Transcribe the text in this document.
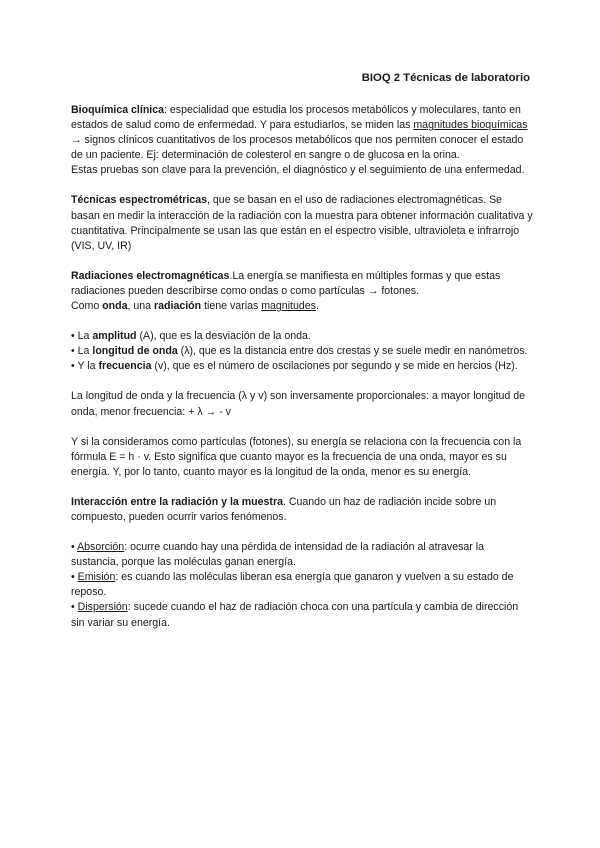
BIOQ 2 Técnicas de laboratorio

Bioquímica clínica: especialidad que estudia los procesos metabólicos y moleculares, tanto en estados de salud como de enfermedad. Y para estudiarlos, se miden las magnitudes bioquímicas → signos clínicos cuantitativos de los procesos metabólicos que nos permiten conocer el estado de un paciente. Ej: determinación de colesterol en sangre o de glucosa en la orina.

Estas pruebas son clave para la prevención, el diagnóstico y el seguimiento de una enfermedad.

Técnicas espectrométricas, que se basan en el uso de radiaciones electromagnéticas. Se basan en medir la interacción de la radiación con la muestra para obtener información cualitativa y cuantitativa. Principalmente se usan las que están en el espectro visible, ultravioleta e infrarrojo (VIS, UV, IR)

Radiaciones electromagnéticas.La energía se manifiesta en múltiples formas y que estas radiaciones pueden describirse como ondas o como partículas → fotones.
Como onda, una radiación tiene varias magnitudes.

• La amplitud (A), que es la desviación de la onda.
• La longitud de onda (λ), que es la distancia entre dos crestas y se suele medir en nanómetros.
• Y la frecuencia (v), que es el número de oscilaciones por segundo y se mide en hercios (Hz).

La longitud de onda y la frecuencia (λ y v) son inversamente proporcionales: a mayor longitud de onda, menor frecuencia: + λ → - v

Y si la consideramos como partículas (fotones), su energía se relaciona con la frecuencia con la fórmula E = h · v. Esto significa que cuanto mayor es la frecuencia de una onda, mayor es su energía. Y, por lo tanto, cuanto mayor es la longitud de la onda, menor es su energía.

Interacción entre la radiación y la muestra. Cuando un haz de radiación incide sobre un compuesto, pueden ocurrir varios fenómenos.

• Absorción: ocurre cuando hay una pérdida de intensidad de la radiación al atravesar la sustancia, porque las moléculas ganan energía.
• Emisión: es cuando las moléculas liberan esa energía que ganaron y vuelven a su estado de reposo.
• Dispersión: sucede cuando el haz de radiación choca con una partícula y cambia de dirección sin variar su energía.
